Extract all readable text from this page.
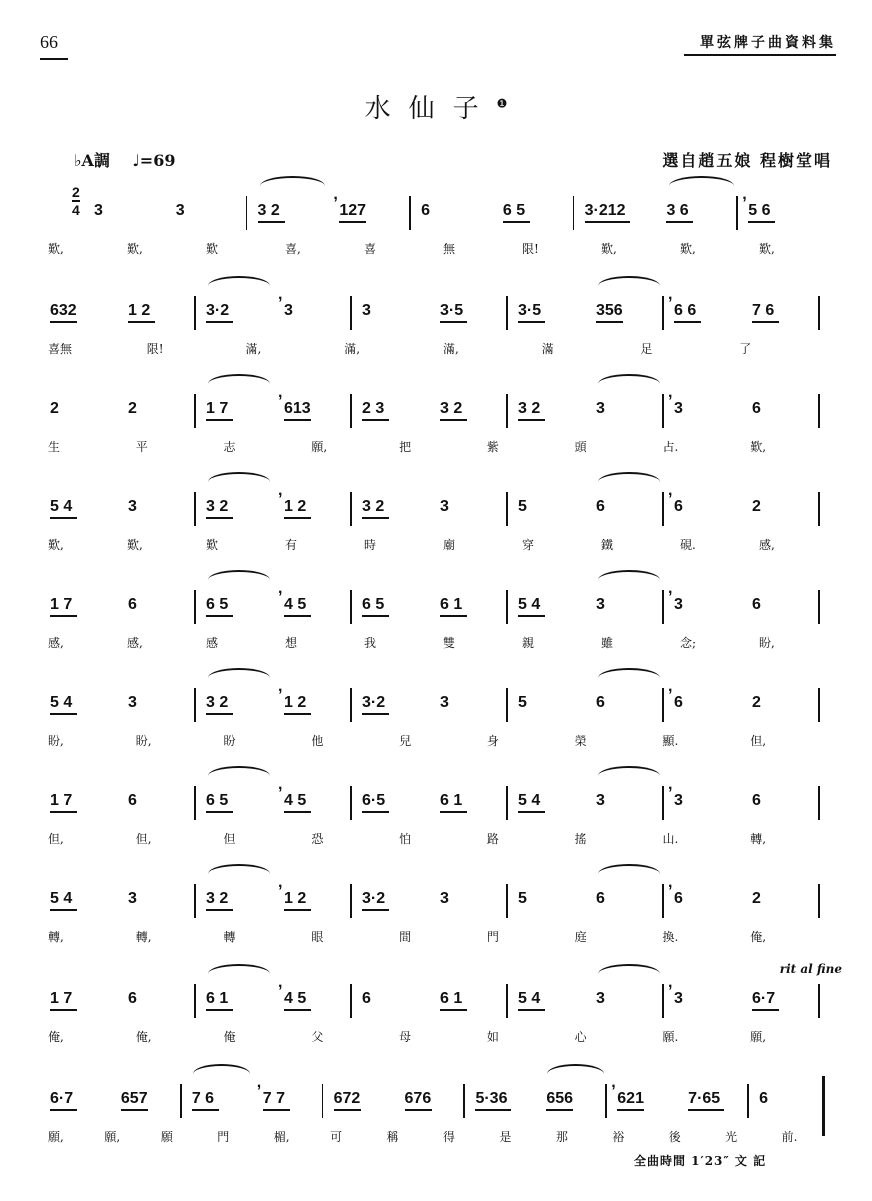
66	單弦牌子曲資料集
水仙子$^❶$
♭A調 ♩=69	選自趙五娘 程樹堂唱
2
4 3	3	3 2	127	6	6 5	3·212	3 6	5 6
,	,
歎,	歎,	歎	喜,	喜	無	限!	歎,	歎,	歎,
632	1 2	3·2	3	3	3·5	3·5	356	6 6	7 6
,	,
喜無	限!	滿,	滿,	滿,	滿	足	了
2	2	1 7	613	2 3	3 2	3 2	3	3	6
,	,
生	平	志	願,	把	紫	頭	占.	歎,
5 4	3	3 2	1 2	3 2	3	5	6	6	2
,	,
歎,	歎,	歎	有	時	廟	穿	鐵	硯.	感,
1 7	6	6 5	4 5	6 5	6 1	5 4	3	3	6
,	,
感,	感,	感	想	我	雙	親	雖	念;	盼,
5 4	3	3 2	1 2	3·2	3	5	6	6	2
,	,
盼,	盼,	盼	他	兒	身	榮	顯.	但,
1 7	6	6 5	4 5	6·5	6 1	5 4	3	3	6
,	,
但,	但,	但	恐	怕	路	搖	山.	轉,
5 4	3	3 2	1 2	3·2	3	5	6	6	2
,	,
轉,	轉,	轉	眼	間	門	庭	換.	俺,
1 7	6	6 1	4 5	6	6 1	5 4	3	3	6·7
,	,
俺,	俺,	俺	父	母	如	心	願.	願,
6·7	657	7 6	7 7	672	676	5·36 656	621	7·65 6
,	,
願,	願,	願	門	楣,	可	稱	得	是	那	裕	後	光	前.
rit al fine
全曲時間 1′23″ 文 記
